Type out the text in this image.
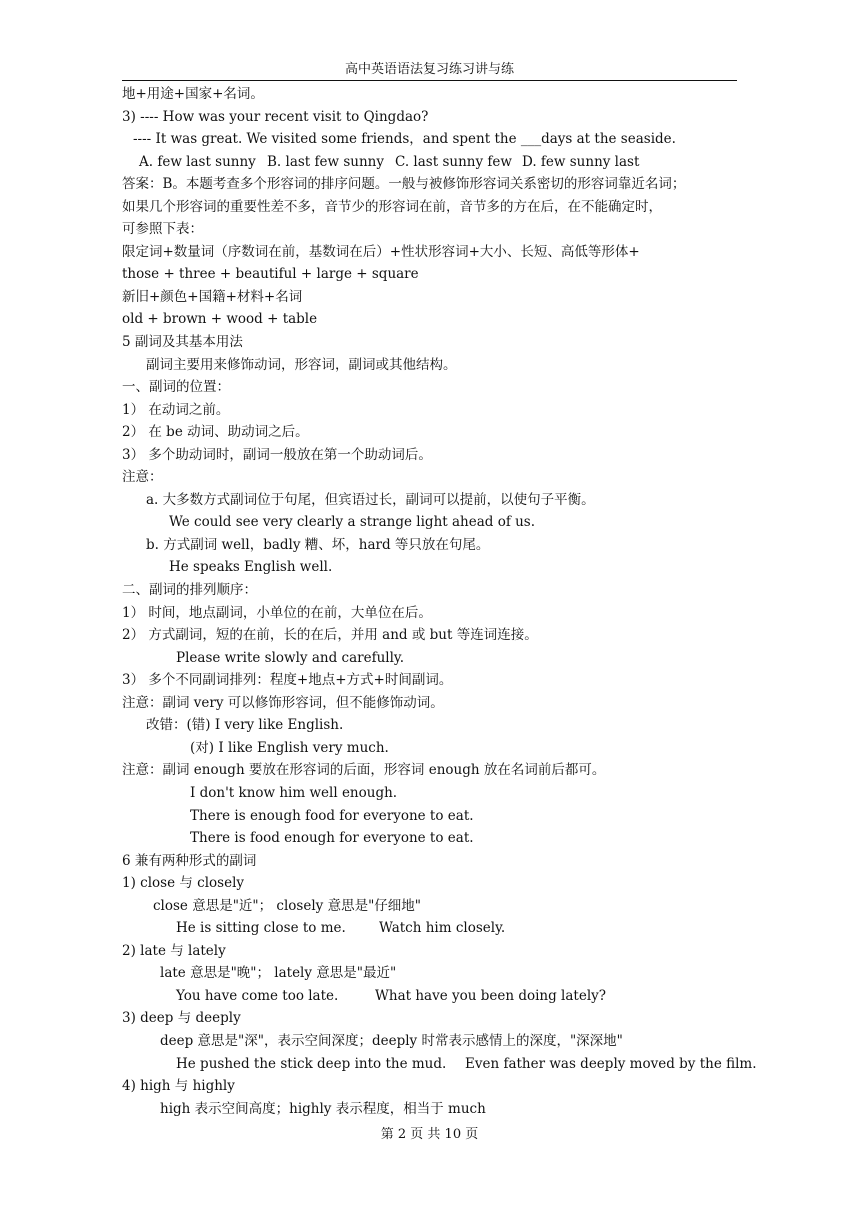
高中英语语法复习练习讲与练
地+用途+国家+名词。
3) ---- How was your recent visit to Qingdao?
---- It was great. We visited some friends，and spent the ___days at the seaside.
A. few last sunny B. last few sunny C. last sunny few D. few sunny last
答案：B。本题考查多个形容词的排序问题。一般与被修饰形容词关系密切的形容词靠近名词；
如果几个形容词的重要性差不多，音节少的形容词在前，音节多的方在后，在不能确定时，
可参照下表：
限定词+数量词（序数词在前，基数词在后）+性状形容词+大小、长短、高低等形体+
those + three + beautiful + large + square
新旧+颜色+国籍+材料+名词
old + brown + wood + table
5 副词及其基本用法
副词主要用来修饰动词，形容词，副词或其他结构。
一、副词的位置：
1） 在动词之前。
2） 在 be 动词、助动词之后。
3） 多个助动词时，副词一般放在第一个助动词后。
注意：
a. 大多数方式副词位于句尾，但宾语过长，副词可以提前，以使句子平衡。
We could see very clearly a strange light ahead of us.
b. 方式副词 well，badly 糟、坏，hard 等只放在句尾。
He speaks English well.
二、副词的排列顺序：
1） 时间，地点副词，小单位的在前，大单位在后。
2） 方式副词，短的在前，长的在后，并用 and 或 but 等连词连接。
Please write slowly and carefully.
3） 多个不同副词排列：程度+地点+方式+时间副词。
注意：副词 very 可以修饰形容词，但不能修饰动词。
改错：(错) I very like English.
(对) I like English very much.
注意：副词 enough 要放在形容词的后面，形容词 enough 放在名词前后都可。
I don't know him well enough.
There is enough food for everyone to eat.
There is food enough for everyone to eat.
6 兼有两种形式的副词
1) close 与 closely
close 意思是"近"； closely 意思是"仔细地"
He is sitting close to me. Watch him closely.
2) late 与 lately
late 意思是"晚"； lately 意思是"最近"
You have come too late.	What have you been doing lately?
3) deep 与 deeply
deep 意思是"深"，表示空间深度；deeply 时常表示感情上的深度，"深深地"
He pushed the stick deep into the mud. Even father was deeply moved by the film.
4) high 与 highly
high 表示空间高度；highly 表示程度，相当于 much
第 2 页 共 10 页
